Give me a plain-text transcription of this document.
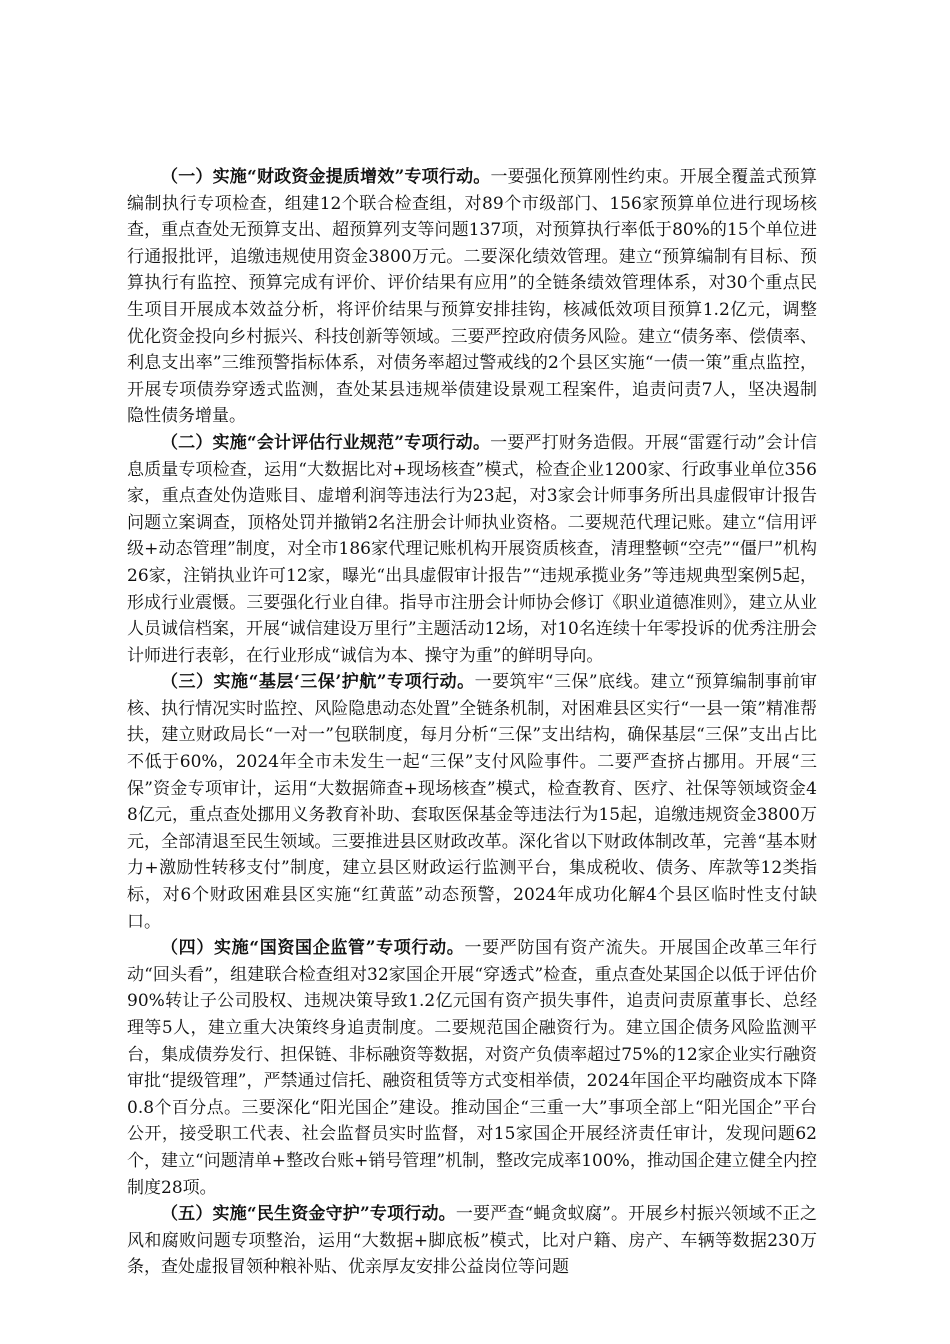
（一）实施“财政资金提质增效”专项行动。一要强化预算刚性约束。开展全覆盖式预算编制执行专项检查，组建12个联合检查组，对89个市级部门、156家预算单位进行现场核查，重点查处无预算支出、超预算列支等问题137项，对预算执行率低于80%的15个单位进行通报批评，追缴违规使用资金3800万元。二要深化绩效管理。建立“预算编制有目标、预算执行有监控、预算完成有评价、评价结果有应用”的全链条绩效管理体系，对30个重点民生项目开展成本效益分析，将评价结果与预算安排挂钩，核减低效项目预算1.2亿元，调整优化资金投向乡村振兴、科技创新等领域。三要严控政府债务风险。建立“债务率、偿债率、利息支出率”三维预警指标体系，对债务率超过警戒线的2个县区实施“一债一策”重点监控，开展专项债券穿透式监测，查处某县违规举债建设景观工程案件，追责问责7人，坚决遏制隐性债务增量。

（二）实施“会计评估行业规范”专项行动。一要严打财务造假。开展“雷霆行动”会计信息质量专项检查，运用“大数据比对+现场核查”模式，检查企业1200家、行政事业单位356家，重点查处伪造账目、虚增利润等违法行为23起，对3家会计师事务所出具虚假审计报告问题立案调查，顶格处罚并撤销2名注册会计师执业资格。二要规范代理记账。建立“信用评级+动态管理”制度，对全市186家代理记账机构开展资质核查，清理整顿“空壳”“僵尸”机构26家，注销执业许可12家，曝光“出具虚假审计报告”“违规承揽业务”等违规典型案例5起，形成行业震慑。三要强化行业自律。指导市注册会计师协会修订《职业道德准则》，建立从业人员诚信档案，开展“诚信建设万里行”主题活动12场，对10名连续十年零投诉的优秀注册会计师进行表彰，在行业形成“诚信为本、操守为重”的鲜明导向。

（三）实施“基层‘三保’护航”专项行动。一要筑牢“三保”底线。建立“预算编制事前审核、执行情况实时监控、风险隐患动态处置”全链条机制，对困难县区实行“一县一策”精准帮扶，建立财政局长“一对一”包联制度，每月分析“三保”支出结构，确保基层“三保”支出占比不低于60%，2024年全市未发生一起“三保”支付风险事件。二要严查挤占挪用。开展“三保”资金专项审计，运用“大数据筛查+现场核查”模式，检查教育、医疗、社保等领域资金48亿元，重点查处挪用义务教育补助、套取医保基金等违法行为15起，追缴违规资金3800万元，全部清退至民生领域。三要推进县区财政改革。深化省以下财政体制改革，完善“基本财力+激励性转移支付”制度，建立县区财政运行监测平台，集成税收、债务、库款等12类指标，对6个财政困难县区实施“红黄蓝”动态预警，2024年成功化解4个县区临时性支付缺口。

（四）实施“国资国企监管”专项行动。一要严防国有资产流失。开展国企改革三年行动“回头看”，组建联合检查组对32家国企开展“穿透式”检查，重点查处某国企以低于评估价90%转让子公司股权、违规决策导致1.2亿元国有资产损失事件，追责问责原董事长、总经理等5人，建立重大决策终身追责制度。二要规范国企融资行为。建立国企债务风险监测平台，集成债券发行、担保链、非标融资等数据，对资产负债率超过75%的12家企业实行融资审批“提级管理”，严禁通过信托、融资租赁等方式变相举债，2024年国企平均融资成本下降0.8个百分点。三要深化“阳光国企”建设。推动国企“三重一大”事项全部上“阳光国企”平台公开，接受职工代表、社会监督员实时监督，对15家国企开展经济责任审计，发现问题62个，建立“问题清单+整改台账+销号管理”机制，整改完成率100%，推动国企建立健全内控制度28项。

（五）实施“民生资金守护”专项行动。一要严查“蝇贪蚁腐”。开展乡村振兴领域不正之风和腐败问题专项整治，运用“大数据+脚底板”模式，比对户籍、房产、车辆等数据230万条，查处虚报冒领种粮补贴、优亲厚友安排公益岗位等问题
